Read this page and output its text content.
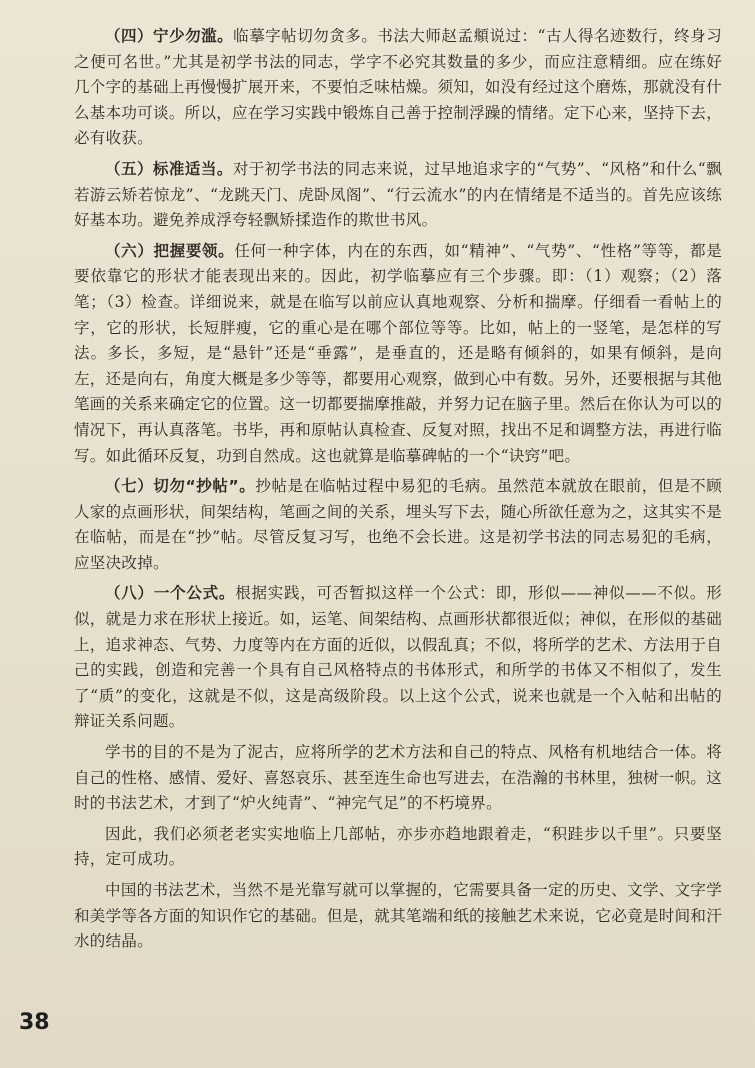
（四）宁少勿滥。临摹字帖切勿贪多。书法大师赵孟頫说过：“古人得名迹数行，终身习之便可名世。”尤其是初学书法的同志，学字不必究其数量的多少，而应注意精细。应在练好几个字的基础上再慢慢扩展开来，不要怕乏味枯燥。须知，如没有经过这个磨炼，那就没有什么基本功可谈。所以，应在学习实践中锻炼自己善于控制浮躁的情绪。定下心来，坚持下去，必有收获。

（五）标准适当。对于初学书法的同志来说，过早地追求字的“气势”、“风格”和什么“飘若游云矫若惊龙”、“龙跳天门、虎卧凤阁”、“行云流水”的内在情绪是不适当的。首先应该练好基本功。避免养成浮夸轻飘矫揉造作的欺世书风。

（六）把握要领。任何一种字体，内在的东西，如“精神”、“气势”、“性格”等等，都是要依靠它的形状才能表现出来的。因此，初学临摹应有三个步骤。即：（1）观察；（2）落笔；（3）检查。详细说来，就是在临写以前应认真地观察、分析和揣摩。仔细看一看帖上的字，它的形状，长短胖瘦，它的重心是在哪个部位等等。比如，帖上的一竖笔，是怎样的写法。多长，多短，是“悬针”还是“垂露”，是垂直的，还是略有倾斜的，如果有倾斜，是向左，还是向右，角度大概是多少等等，都要用心观察，做到心中有数。另外，还要根据与其他笔画的关系来确定它的位置。这一切都要揣摩推敲，并努力记在脑子里。然后在你认为可以的情况下，再认真落笔。书毕，再和原帖认真检查、反复对照，找出不足和调整方法，再进行临写。如此循环反复，功到自然成。这也就算是临摹碑帖的一个“诀窍”吧。

（七）切勿“抄帖”。抄帖是在临帖过程中易犯的毛病。虽然范本就放在眼前，但是不顾人家的点画形状，间架结构，笔画之间的关系，埋头写下去，随心所欲任意为之，这其实不是在临帖，而是在“抄”帖。尽管反复习写，也绝不会长进。这是初学书法的同志易犯的毛病，应坚决改掉。

（八）一个公式。根据实践，可否暂拟这样一个公式：即，形似——神似——不似。形似，就是力求在形状上接近。如，运笔、间架结构、点画形状都很近似；神似，在形似的基础上，追求神态、气势、力度等内在方面的近似，以假乱真；不似，将所学的艺术、方法用于自己的实践，创造和完善一个具有自己风格特点的书体形式，和所学的书体又不相似了，发生了“质”的变化，这就是不似，这是高级阶段。以上这个公式，说来也就是一个入帖和出帖的辩证关系问题。

学书的目的不是为了泥古，应将所学的艺术方法和自己的特点、风格有机地结合一体。将自己的性格、感情、爱好、喜怒哀乐、甚至连生命也写进去，在浩瀚的书林里，独树一帜。这时的书法艺术，才到了“炉火纯青”、“神完气足”的不朽境界。

因此，我们必须老老实实地临上几部帖，亦步亦趋地跟着走，“积跬步以千里”。只要坚持，定可成功。

中国的书法艺术，当然不是光靠写就可以掌握的，它需要具备一定的历史、文学、文字学和美学等各方面的知识作它的基础。但是，就其笔端和纸的接触艺术来说，它必竟是时间和汗水的结晶。

38
